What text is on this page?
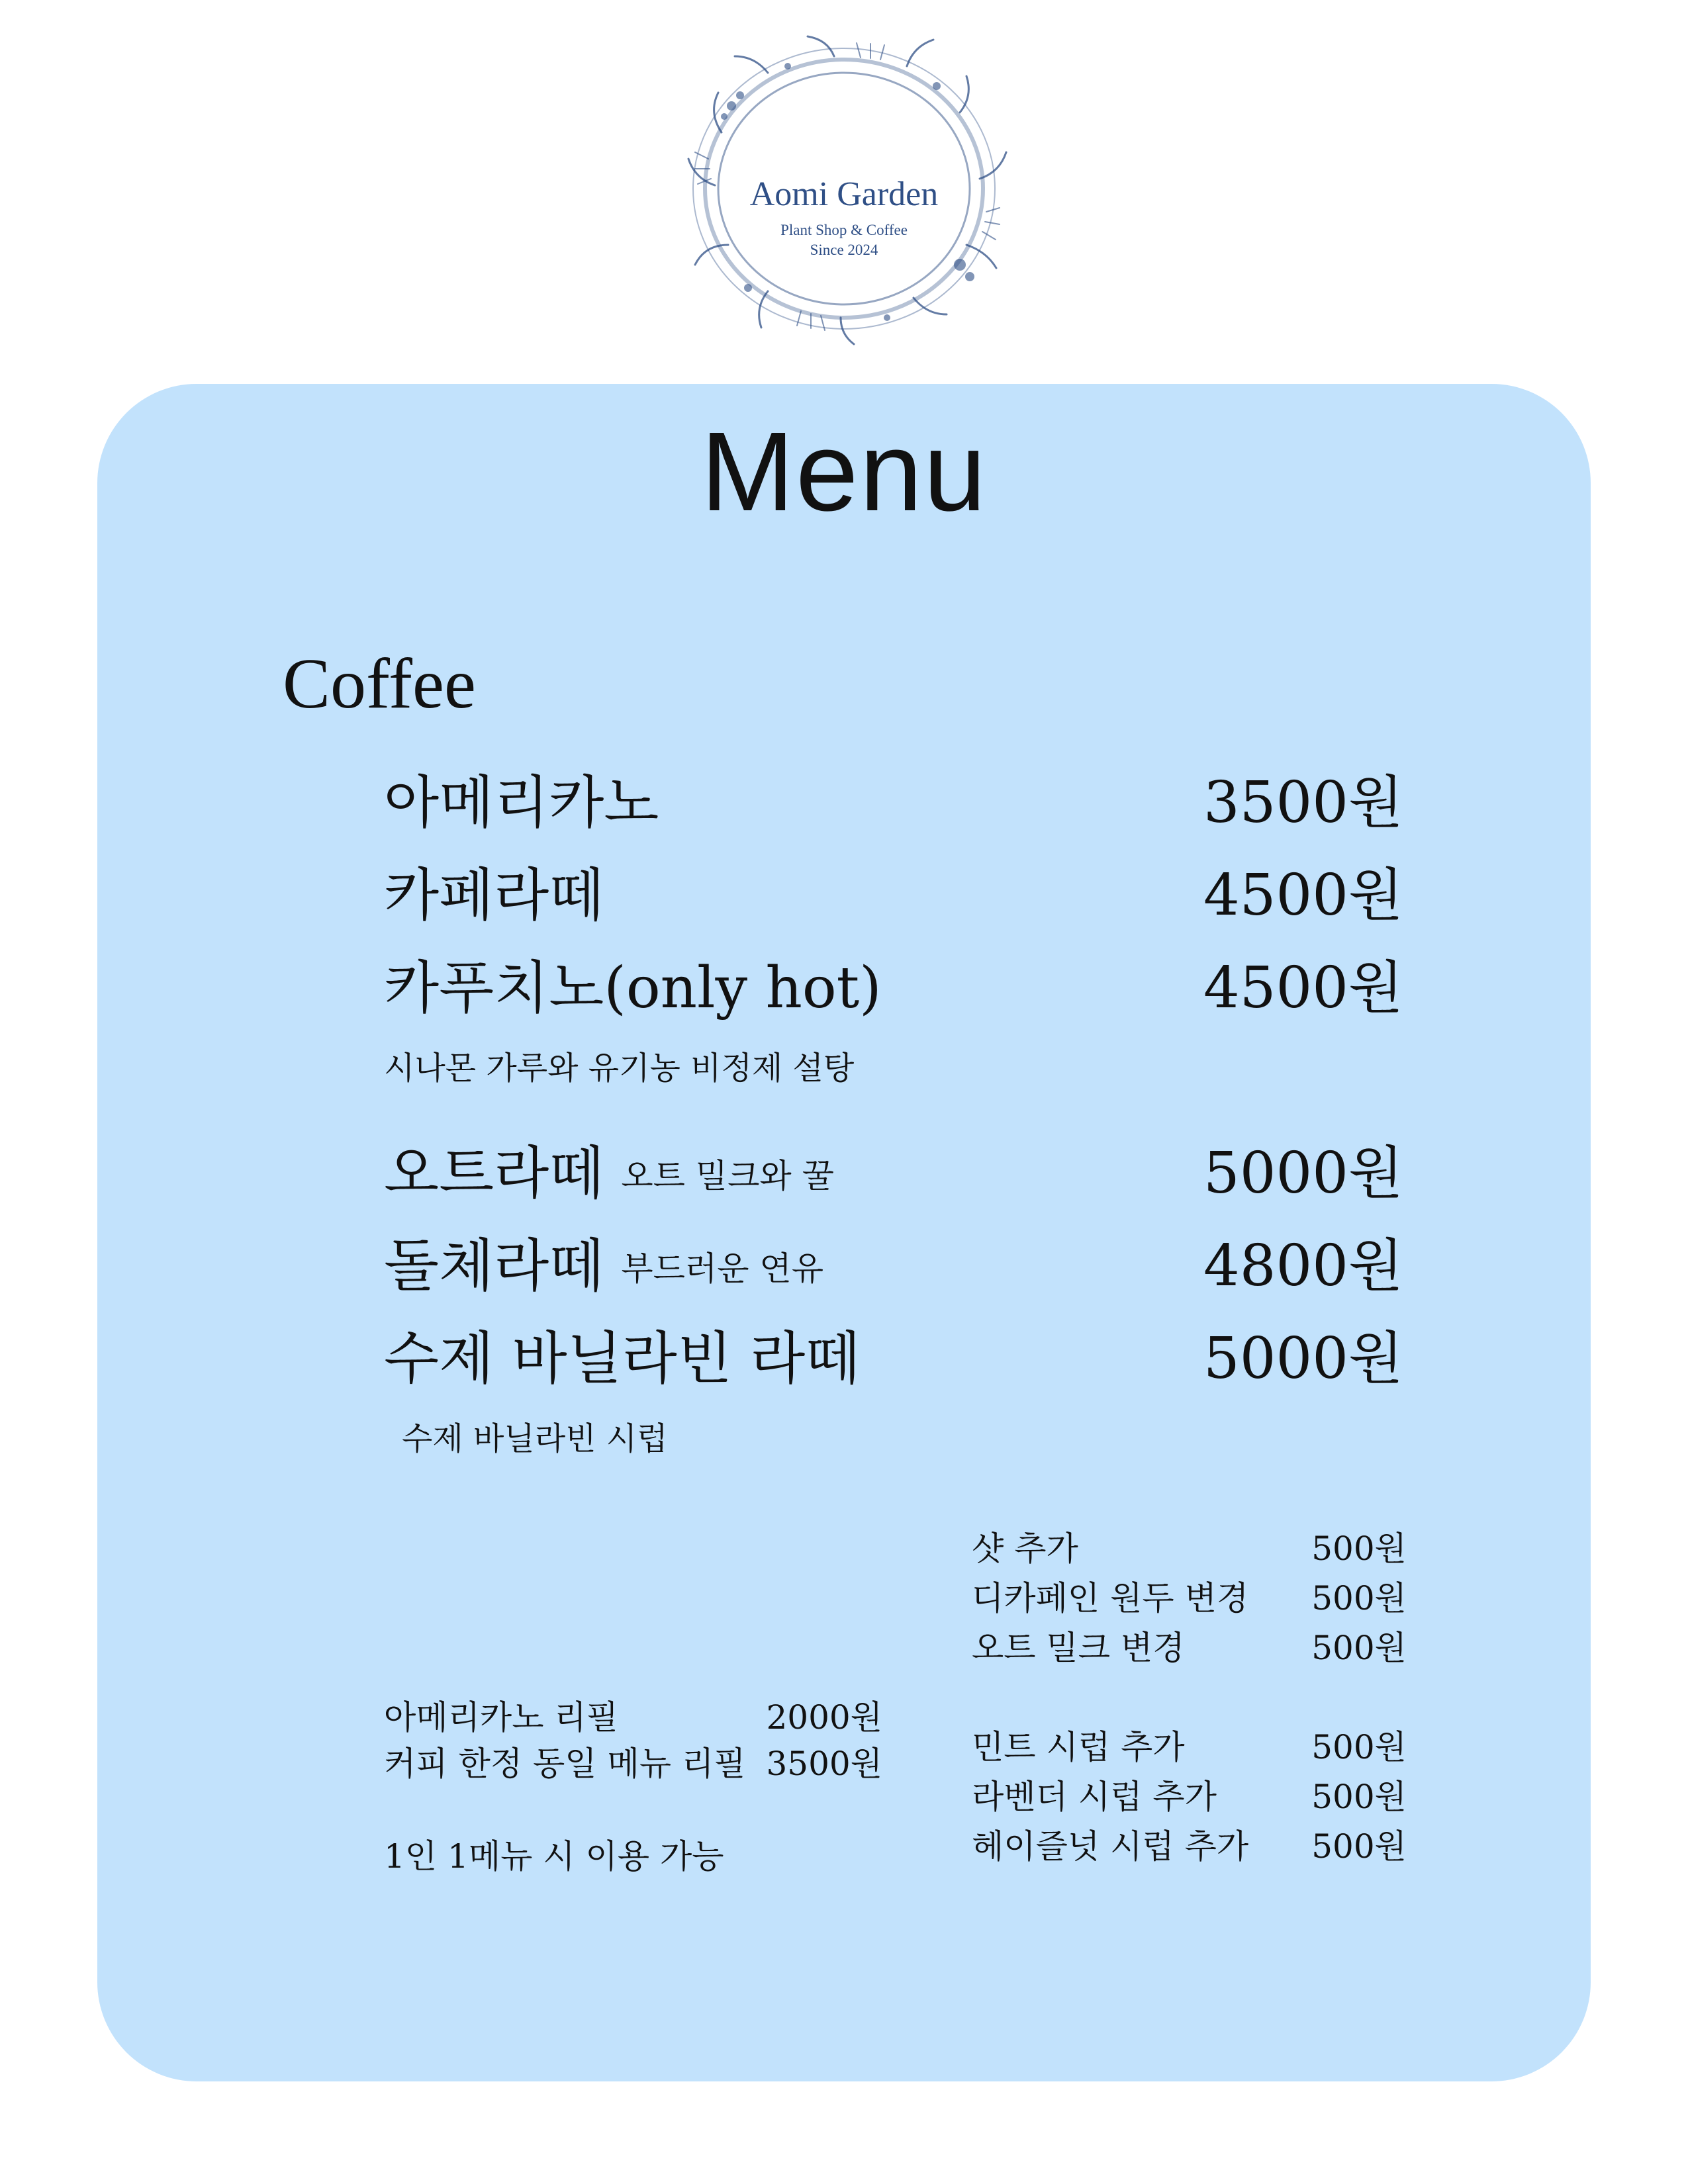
Aomi Garden
Plant Shop & Coffee
Since 2024
Menu
Coffee
아메리카노	3500원
카페라떼	4500원
카푸치노(only hot)	4500원
시나몬 가루와 유기농 비정제 설탕
오트라떼 오트 밀크와 꿀	5000원
돌체라떼 부드러운 연유	4800원
수제 바닐라빈 라떼	5000원
수제 바닐라빈 시럽
아메리카노 리필	2000원
커피 한정 동일 메뉴 리필 3500원
1인 1메뉴 시 이용 가능
샷 추가	500원
디카페인 원두 변경	500원
오트 밀크 변경	500원
민트 시럽 추가	500원
라벤더 시럽 추가	500원
헤이즐넛 시럽 추가	500원
